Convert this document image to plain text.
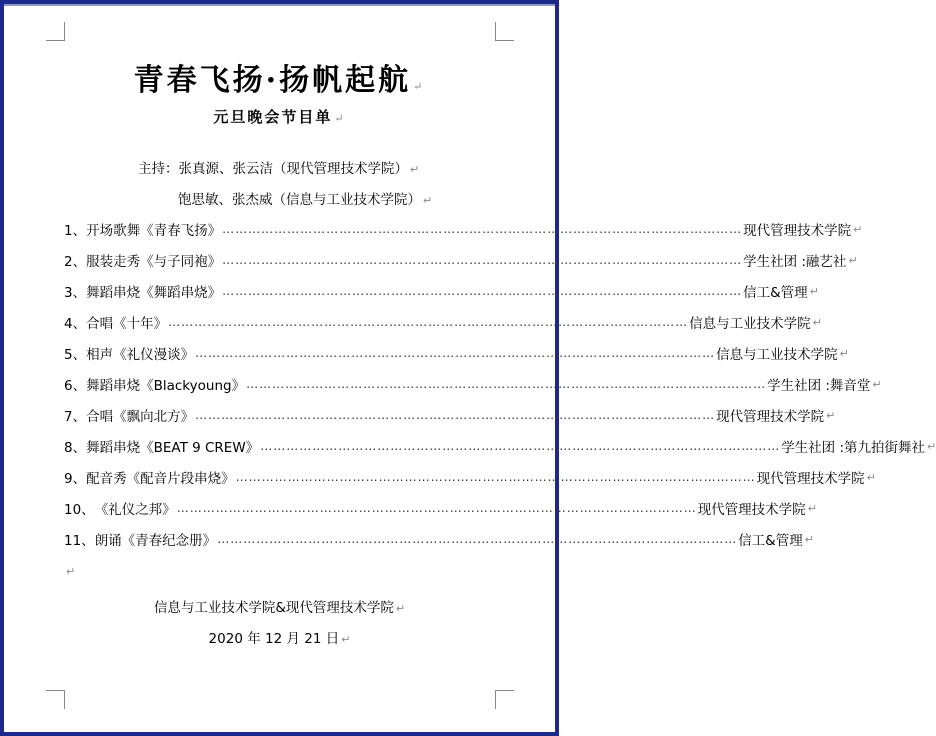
青春飞扬·扬帆起航 ↵
元旦晚会节目单 ↵
主持：张真源、张云洁（现代管理技术学院） ↵
饱思敏、张杰威（信息与工业技术学院） ↵
1、 开场歌舞《青春飞扬》 ………………………………………………………………………………………………………… 现代管理技术学院 ↵
2、 服装走秀《与子同袍》 ………………………………………………………………………………………………………… 学生社团 :融艺社 ↵
3、 舞蹈串烧《舞蹈串烧》 ………………………………………………………………………………………………………… 信工&管理 ↵
4、 合唱《十年》 ………………………………………………………………………………………………………… 信息与工业技术学院 ↵
5、 相声《礼仪漫谈》 ………………………………………………………………………………………………………… 信息与工业技术学院 ↵
6、 舞蹈串烧《Blackyoung》 ………………………………………………………………………………………………………… 学生社团 :舞音堂 ↵
7、 合唱《飘向北方》 ………………………………………………………………………………………………………… 现代管理技术学院 ↵
8、 舞蹈串烧《BEAT 9 CREW》 ………………………………………………………………………………………………………… 学生社团 :第九拍街舞社 ↵
9、 配音秀《配音片段串烧》 ………………………………………………………………………………………………………… 现代管理技术学院 ↵
10、 《礼仪之邦》 ………………………………………………………………………………………………………… 现代管理技术学院 ↵
11、 朗诵《青春纪念册》 ………………………………………………………………………………………………………… 信工&管理 ↵
↵
信息与工业技术学院&现代管理技术学院 ↵
2020 年 12 月 21 日 ↵
